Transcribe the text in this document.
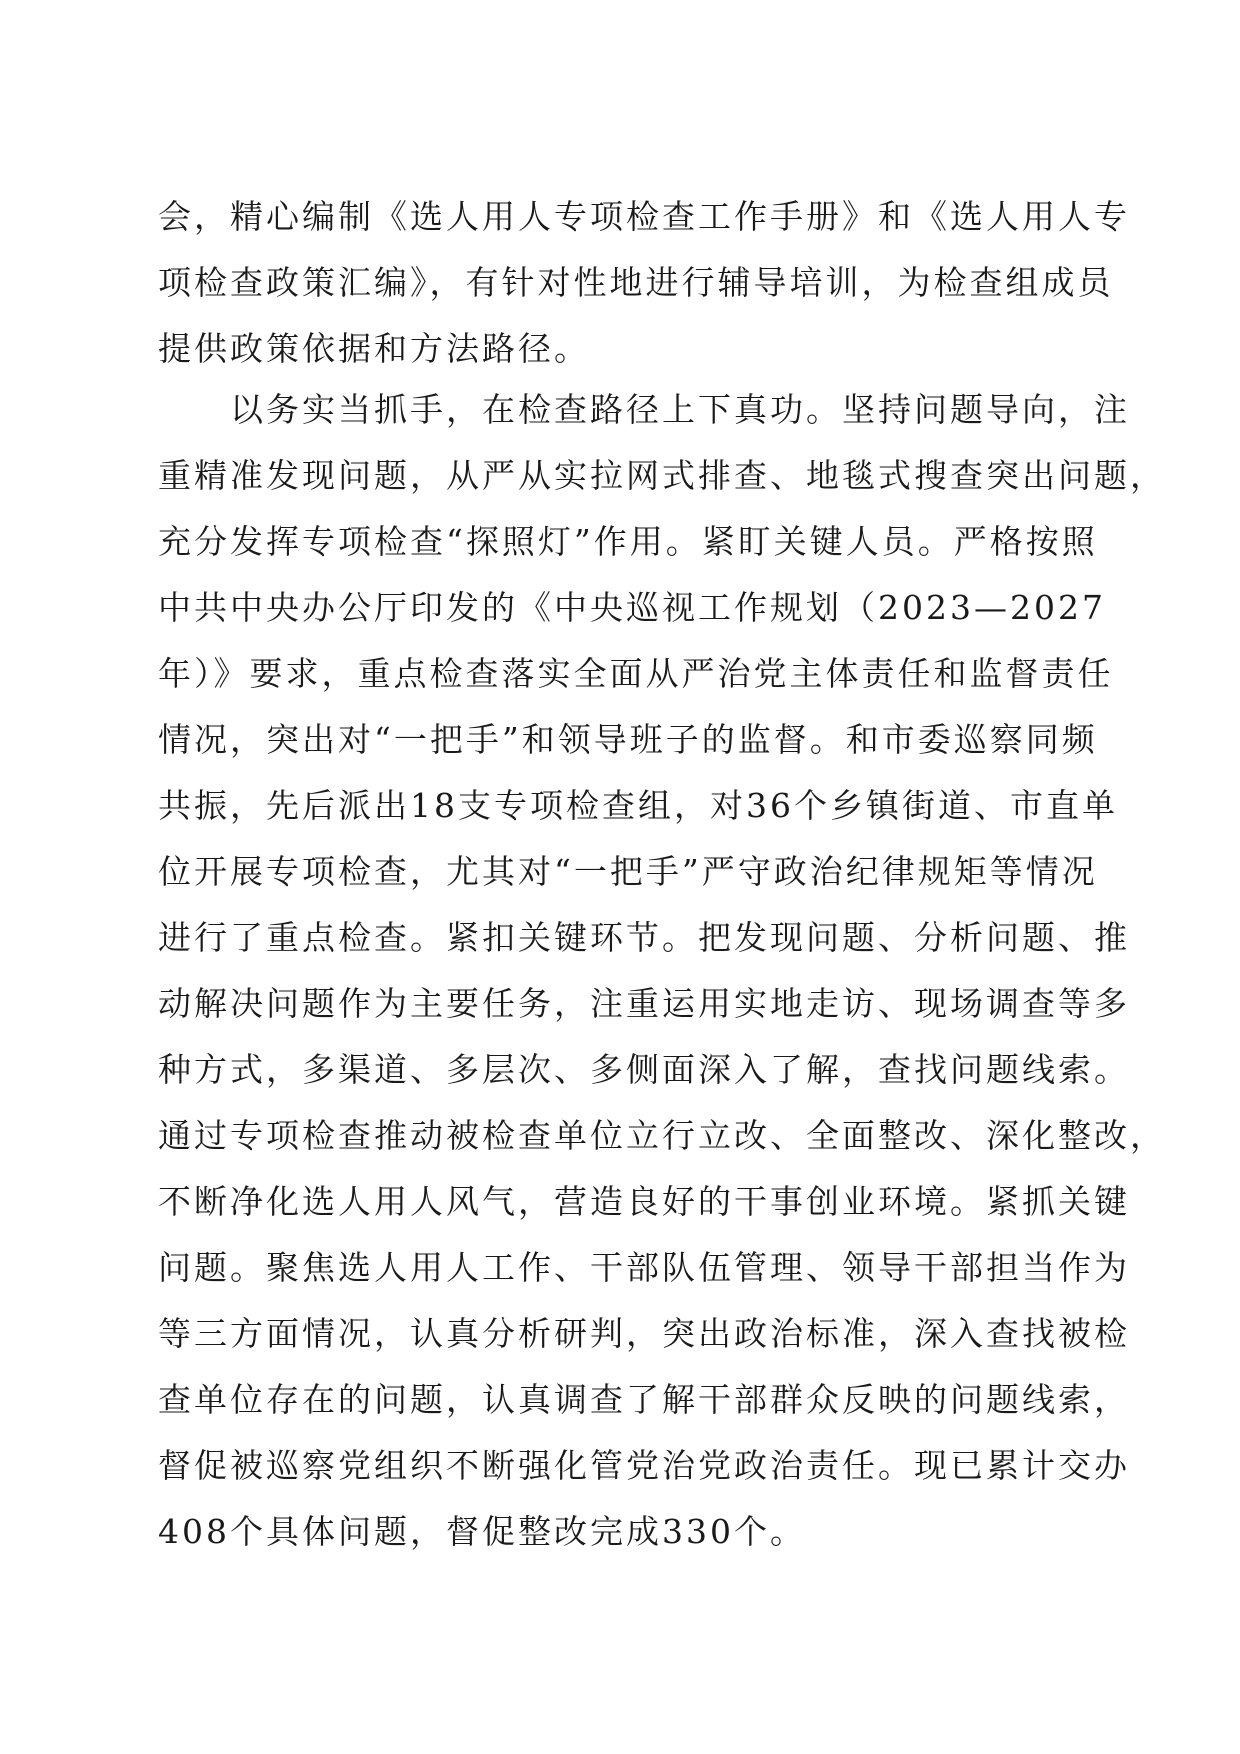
会，精心编制《选人用人专项检查工作手册》和《选人用人专
项检查政策汇编》，有针对性地进行辅导培训，为检查组成员
提供政策依据和方法路径。
以务实当抓手，在检查路径上下真功。坚持问题导向，注
重精准发现问题，从严从实拉网式排查、地毯式搜查突出问题，
充分发挥专项检查“探照灯”作用。紧盯关键人员。严格按照
中共中央办公厅印发的《中央巡视工作规划（2023—2027
年）》要求，重点检查落实全面从严治党主体责任和监督责任
情况，突出对“一把手”和领导班子的监督。和市委巡察同频
共振，先后派出18支专项检查组，对36个乡镇街道、市直单
位开展专项检查，尤其对“一把手”严守政治纪律规矩等情况
进行了重点检查。紧扣关键环节。把发现问题、分析问题、推
动解决问题作为主要任务，注重运用实地走访、现场调查等多
种方式，多渠道、多层次、多侧面深入了解，查找问题线索。
通过专项检查推动被检查单位立行立改、全面整改、深化整改，
不断净化选人用人风气，营造良好的干事创业环境。紧抓关键
问题。聚焦选人用人工作、干部队伍管理、领导干部担当作为
等三方面情况，认真分析研判，突出政治标准，深入查找被检
查单位存在的问题，认真调查了解干部群众反映的问题线索，
督促被巡察党组织不断强化管党治党政治责任。现已累计交办
408个具体问题，督促整改完成330个。
